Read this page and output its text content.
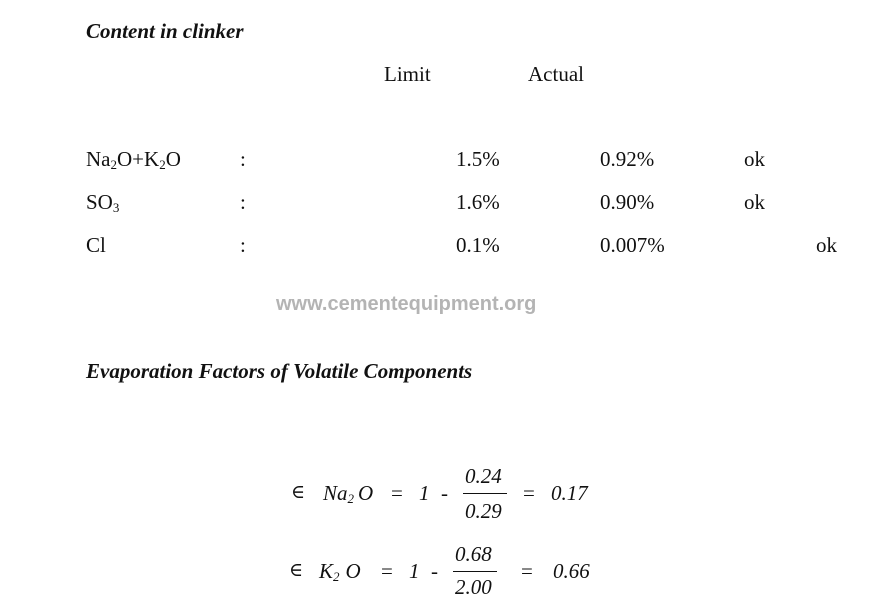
Content in clinker
Limit	Actual
$Na_2O+K_2O$	:	1.5%	0.92%	ok
$SO_3$	:	1.6%	0.90%	ok
Cl	:	0.1%	0.007%	ok
www.cementequipment.org
Evaporation Factors of Volatile Components
∈ $Na_2$ O = 1 -
0.24
0.29
= 0.17
∈ $K_2$ O = 1 -
0.68
2.00
= 0.66
